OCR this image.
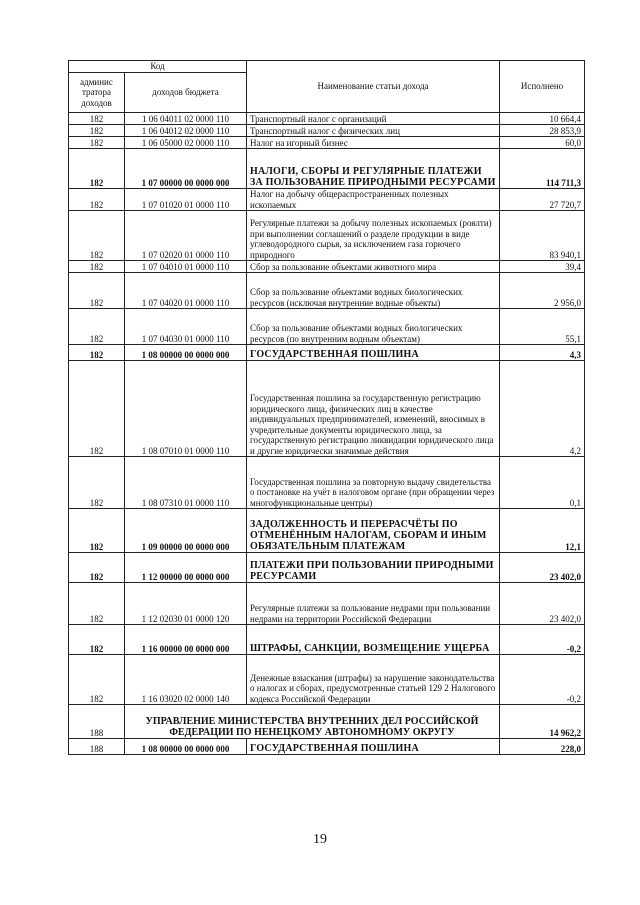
Код		Наименование статьи дохода	Исполнено
админис тратора доходов	доходов бюджета		
182	1 06 04011 02 0000 110	Транспортный налог с организаций	10 664,4
182	1 06 04012 02 0000 110	Транспортный налог с физических лиц	28 853,9
182	1 06 05000 02 0000 110	Налог на игорный бизнес	60,0
182	1 07 00000 00 0000 000	НАЛОГИ, СБОРЫ И РЕГУЛЯРНЫЕ ПЛАТЕЖИ ЗА ПОЛЬЗОВАНИЕ ПРИРОДНЫМИ РЕСУРСАМИ	114 711,3
182	1 07 01020 01 0000 110	Налог на добычу общераспространенных полезных ископаемых	27 720,7
182	1 07 02020 01 0000 110	Регулярные платежи за добычу полезных ископаемых (роялти) при выполнении соглашений о разделе продукции в виде углеводородного сырья, за исключением газа горючего природного	83 940,1
182	1 07 04010 01 0000 110	Сбор за пользование объектами животного мира	39,4
182	1 07 04020 01 0000 110	Сбор за пользование объектами водных биологических ресурсов (исключая внутренние водные объекты)	2 956,0
182	1 07 04030 01 0000 110	Сбор за пользование объектами водных биологических ресурсов (по внутренним водным объектам)	55,1
182	1 08 00000 00 0000 000	ГОСУДАРСТВЕННАЯ ПОШЛИНА	4,3
182	1 08 07010 01 0000 110	Государственная пошлина за государственную регистрацию юридического лица, физических лиц в качестве индивидуальных предпринимателей, изменений, вносимых в учредительные документы юридического лица, за государственную регистрацию ликвидации юридического лица и другие юридически значимые действия	4,2
182	1 08 07310 01 0000 110	Государственная пошлина за повторную выдачу свидетельства о постановке на учёт в налоговом органе (при обращении через многофункциональные центры)	0,1
182	1 09 00000 00 0000 000	ЗАДОЛЖЕННОСТЬ И ПЕРЕРАСЧЁТЫ ПО ОТМЕНЁННЫМ НАЛОГАМ, СБОРАМ И ИНЫМ ОБЯЗАТЕЛЬНЫМ ПЛАТЕЖАМ	12,1
182	1 12 00000 00 0000 000	ПЛАТЕЖИ ПРИ ПОЛЬЗОВАНИИ ПРИРОДНЫМИ РЕСУРСАМИ	23 402,0
182	1 12 02030 01 0000 120	Регулярные платежи за пользование недрами при пользовании недрами на территории Российской Федерации	23 402,0
182	1 16 00000 00 0000 000	ШТРАФЫ, САНКЦИИ, ВОЗМЕЩЕНИЕ УЩЕРБА	-0,2
182	1 16 03020 02 0000 140	Денежные взыскания (штрафы) за нарушение законодательства о налогах и сборах, предусмотренные статьей 129 2 Налогового кодекса Российской Федерации	-0,2
188	УПРАВЛЕНИЕ МИНИСТЕРСТВА ВНУТРЕННИХ ДЕЛ РОССИЙСКОЙ ФЕДЕРАЦИИ ПО НЕНЕЦКОМУ АВТОНОМНОМУ ОКРУГУ		14 962,2
188	1 08 00000 00 0000 000	ГОСУДАРСТВЕННАЯ ПОШЛИНА	228,0
19
